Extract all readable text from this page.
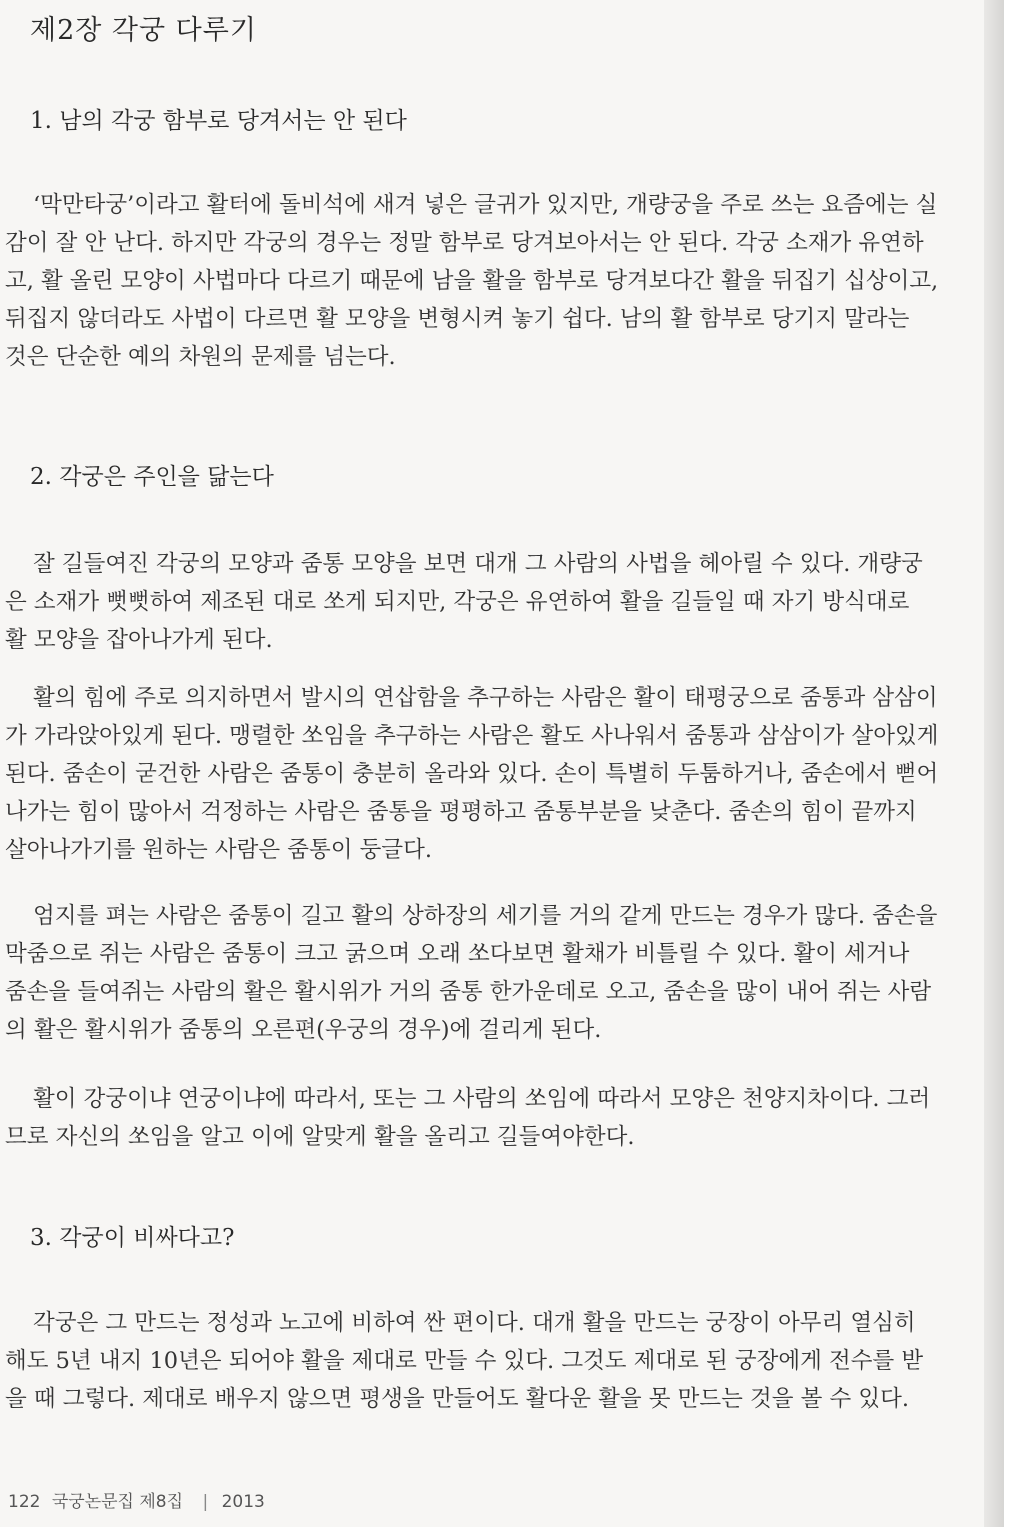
제2장 각궁 다루기
1. 남의 각궁 함부로 당겨서는 안 된다
‘막만타궁’이라고 활터에 돌비석에 새겨 넣은 글귀가 있지만, 개량궁을 주로 쓰는 요즘에는 실
감이 잘 안 난다. 하지만 각궁의 경우는 정말 함부로 당겨보아서는 안 된다. 각궁 소재가 유연하
고, 활 올린 모양이 사법마다 다르기 때문에 남을 활을 함부로 당겨보다간 활을 뒤집기 십상이고,
뒤집지 않더라도 사법이 다르면 활 모양을 변형시켜 놓기 쉽다. 남의 활 함부로 당기지 말라는
것은 단순한 예의 차원의 문제를 넘는다.
2. 각궁은 주인을 닮는다
잘 길들여진 각궁의 모양과 줌통 모양을 보면 대개 그 사람의 사법을 헤아릴 수 있다. 개량궁
은 소재가 뻣뻣하여 제조된 대로 쏘게 되지만, 각궁은 유연하여 활을 길들일 때 자기 방식대로
활 모양을 잡아나가게 된다.
활의 힘에 주로 의지하면서 발시의 연삽함을 추구하는 사람은 활이 태평궁으로 줌통과 삼삼이
가 가라앉아있게 된다. 맹렬한 쏘임을 추구하는 사람은 활도 사나워서 줌통과 삼삼이가 살아있게
된다. 줌손이 굳건한 사람은 줌통이 충분히 올라와 있다. 손이 특별히 두툼하거나, 줌손에서 뻗어
나가는 힘이 많아서 걱정하는 사람은 줌통을 평평하고 줌통부분을 낮춘다. 줌손의 힘이 끝까지
살아나가기를 원하는 사람은 줌통이 둥글다.
엄지를 펴는 사람은 줌통이 길고 활의 상하장의 세기를 거의 같게 만드는 경우가 많다. 줌손을
막줌으로 쥐는 사람은 줌통이 크고 굵으며 오래 쏘다보면 활채가 비틀릴 수 있다. 활이 세거나
줌손을 들여쥐는 사람의 활은 활시위가 거의 줌통 한가운데로 오고, 줌손을 많이 내어 쥐는 사람
의 활은 활시위가 줌통의 오른편(우궁의 경우)에 걸리게 된다.
활이 강궁이냐 연궁이냐에 따라서, 또는 그 사람의 쏘임에 따라서 모양은 천양지차이다. 그러
므로 자신의 쏘임을 알고 이에 알맞게 활을 올리고 길들여야한다.
3. 각궁이 비싸다고?
각궁은 그 만드는 정성과 노고에 비하여 싼 편이다. 대개 활을 만드는 궁장이 아무리 열심히
해도 5년 내지 10년은 되어야 활을 제대로 만들 수 있다. 그것도 제대로 된 궁장에게 전수를 받
을 때 그렇다. 제대로 배우지 않으면 평생을 만들어도 활다운 활을 못 만드는 것을 볼 수 있다.
122 국궁논문집 제8집 | 2013
